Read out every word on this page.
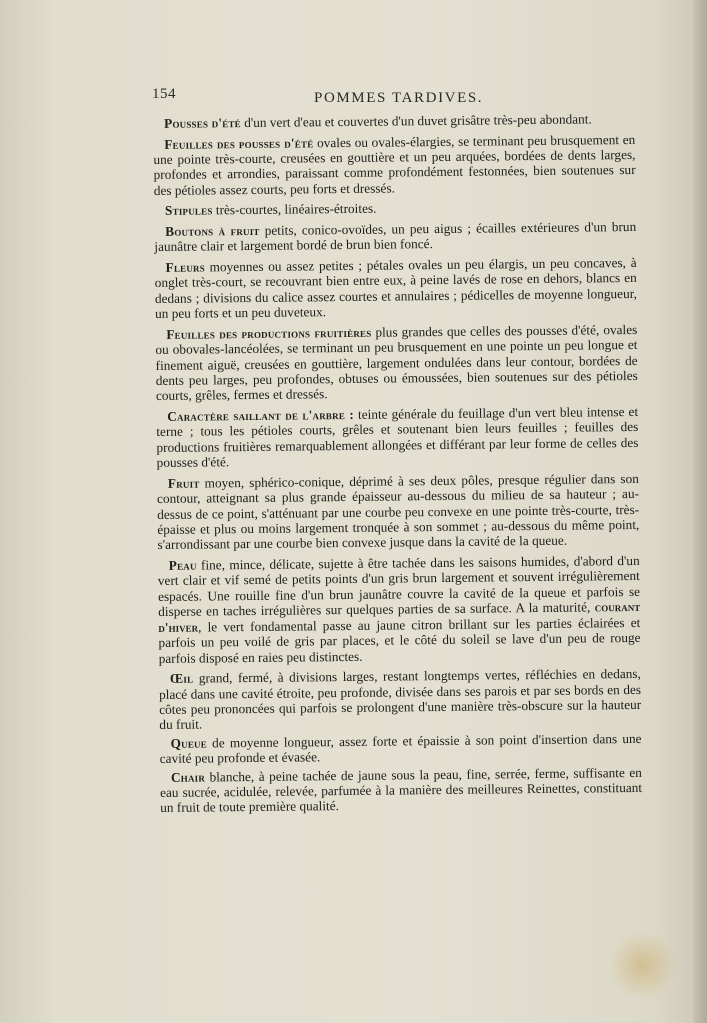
154	POMMES TARDIVES.

Pousses d'été d'un vert d'eau et couvertes d'un duvet grisâtre très-peu abondant.

Feuilles des pousses d'été ovales ou ovales-élargies, se terminant peu brusquement en une pointe très-courte, creusées en gouttière et un peu arquées, bordées de dents larges, profondes et arrondies, paraissant comme profondément festonnées, bien soutenues sur des pétioles assez courts, peu forts et dressés.

Stipules très-courtes, linéaires-étroites.

Boutons à fruit petits, conico-ovoïdes, un peu aigus ; écailles extérieures d'un brun jaunâtre clair et largement bordé de brun bien foncé.

Fleurs moyennes ou assez petites ; pétales ovales un peu élargis, un peu concaves, à onglet très-court, se recouvrant bien entre eux, à peine lavés de rose en dehors, blancs en dedans ; divisions du calice assez courtes et annulaires ; pédicelles de moyenne longueur, un peu forts et un peu duveteux.

Feuilles des productions fruitières plus grandes que celles des pousses d'été, ovales ou obovales-lancéolées, se terminant un peu brusquement en une pointe un peu longue et finement aiguë, creusées en gouttière, largement ondulées dans leur contour, bordées de dents peu larges, peu profondes, obtuses ou émoussées, bien soutenues sur des pétioles courts, grêles, fermes et dressés.

Caractère saillant de l'arbre : teinte générale du feuillage d'un vert bleu intense et terne ; tous les pétioles courts, grêles et soutenant bien leurs feuilles ; feuilles des productions fruitières remarquablement allongées et différant par leur forme de celles des pousses d'été.

Fruit moyen, sphérico-conique, déprimé à ses deux pôles, presque régulier dans son contour, atteignant sa plus grande épaisseur au-dessous du milieu de sa hauteur ; au-dessus de ce point, s'atténuant par une courbe peu convexe en une pointe très-courte, très-épaisse et plus ou moins largement tronquée à son sommet ; au-dessous du même point, s'arrondissant par une courbe bien convexe jusque dans la cavité de la queue.

Peau fine, mince, délicate, sujette à être tachée dans les saisons humides, d'abord d'un vert clair et vif semé de petits points d'un gris brun largement et souvent irrégulièrement espacés. Une rouille fine d'un brun jaunâtre couvre la cavité de la queue et parfois se disperse en taches irrégulières sur quelques parties de sa surface. A la maturité, courant d'hiver, le vert fondamental passe au jaune citron brillant sur les parties éclairées et parfois un peu voilé de gris par places, et le côté du soleil se lave d'un peu de rouge parfois disposé en raies peu distinctes.

Œil grand, fermé, à divisions larges, restant longtemps vertes, réfléchies en dedans, placé dans une cavité étroite, peu profonde, divisée dans ses parois et par ses bords en des côtes peu prononcées qui parfois se prolongent d'une manière très-obscure sur la hauteur du fruit.

Queue de moyenne longueur, assez forte et épaissie à son point d'insertion dans une cavité peu profonde et évasée.

Chair blanche, à peine tachée de jaune sous la peau, fine, serrée, ferme, suffisante en eau sucrée, acidulée, relevée, parfumée à la manière des meilleures Reinettes, constituant un fruit de toute première qualité.
